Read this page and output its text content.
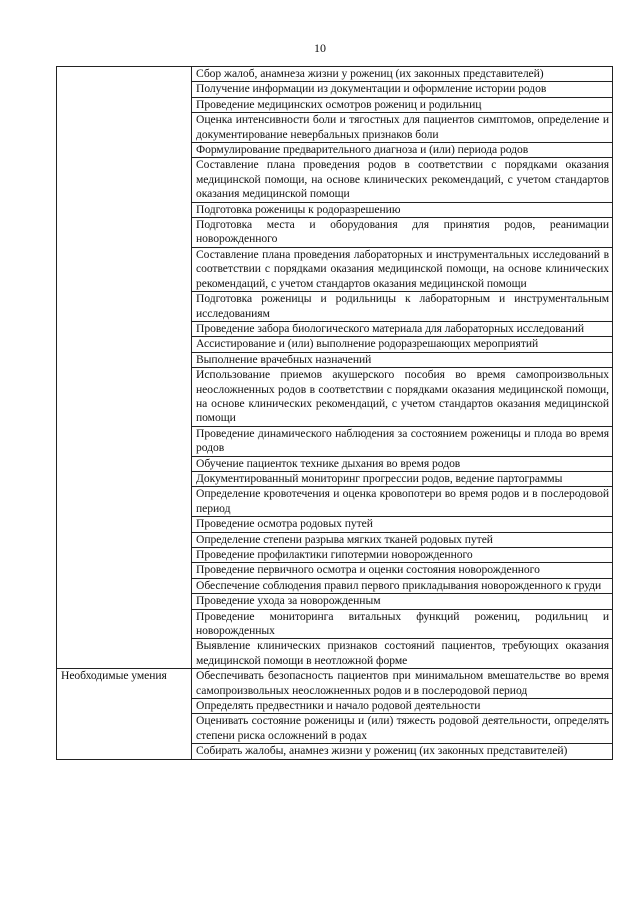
10
	Сбор жалоб, анамнеза жизни у рожениц (их законных представителей)
	Получение информации из документации и оформление истории родов
	Проведение медицинских осмотров рожениц и родильниц
	Оценка интенсивности боли и тягостных для пациентов симптомов, определение и документирование невербальных признаков боли
	Формулирование предварительного диагноза и (или) периода родов
	Составление плана проведения родов в соответствии с порядками оказания медицинской помощи, на основе клинических рекомендаций, с учетом стандартов оказания медицинской помощи
	Подготовка роженицы к родоразрешению
	Подготовка места и оборудования для принятия родов, реанимации новорожденного
	Составление плана проведения лабораторных и инструментальных исследований в соответствии с порядками оказания медицинской помощи, на основе клинических рекомендаций, с учетом стандартов оказания медицинской помощи
	Подготовка роженицы и родильницы к лабораторным и инструментальным исследованиям
	Проведение забора биологического материала для лабораторных исследований
	Ассистирование и (или) выполнение родоразрешающих мероприятий
	Выполнение врачебных назначений
	Использование приемов акушерского пособия во время самопроизвольных неосложненных родов в соответствии с порядками оказания медицинской помощи, на основе клинических рекомендаций, с учетом стандартов оказания медицинской помощи
	Проведение динамического наблюдения за состоянием роженицы и плода во время родов
	Обучение пациенток технике дыхания во время родов
	Документированный мониторинг прогрессии родов, ведение партограммы
	Определение кровотечения и оценка кровопотери во время родов и в послеродовой период
	Проведение осмотра родовых путей
	Определение степени разрыва мягких тканей родовых путей
	Проведение профилактики гипотермии новорожденного
	Проведение первичного осмотра и оценки состояния новорожденного
	Обеспечение соблюдения правил первого прикладывания новорожденного к груди
	Проведение ухода за новорожденным
	Проведение мониторинга витальных функций рожениц, родильниц и новорожденных
	Выявление клинических признаков состояний пациентов, требующих оказания медицинской помощи в неотложной форме
Необходимые умения	Обеспечивать безопасность пациентов при минимальном вмешательстве во время самопроизвольных неосложненных родов и в послеродовой период
	Определять предвестники и начало родовой деятельности
	Оценивать состояние роженицы и (или) тяжесть родовой деятельности, определять степени риска осложнений в родах
	Собирать жалобы, анамнез жизни у рожениц (их законных представителей)
